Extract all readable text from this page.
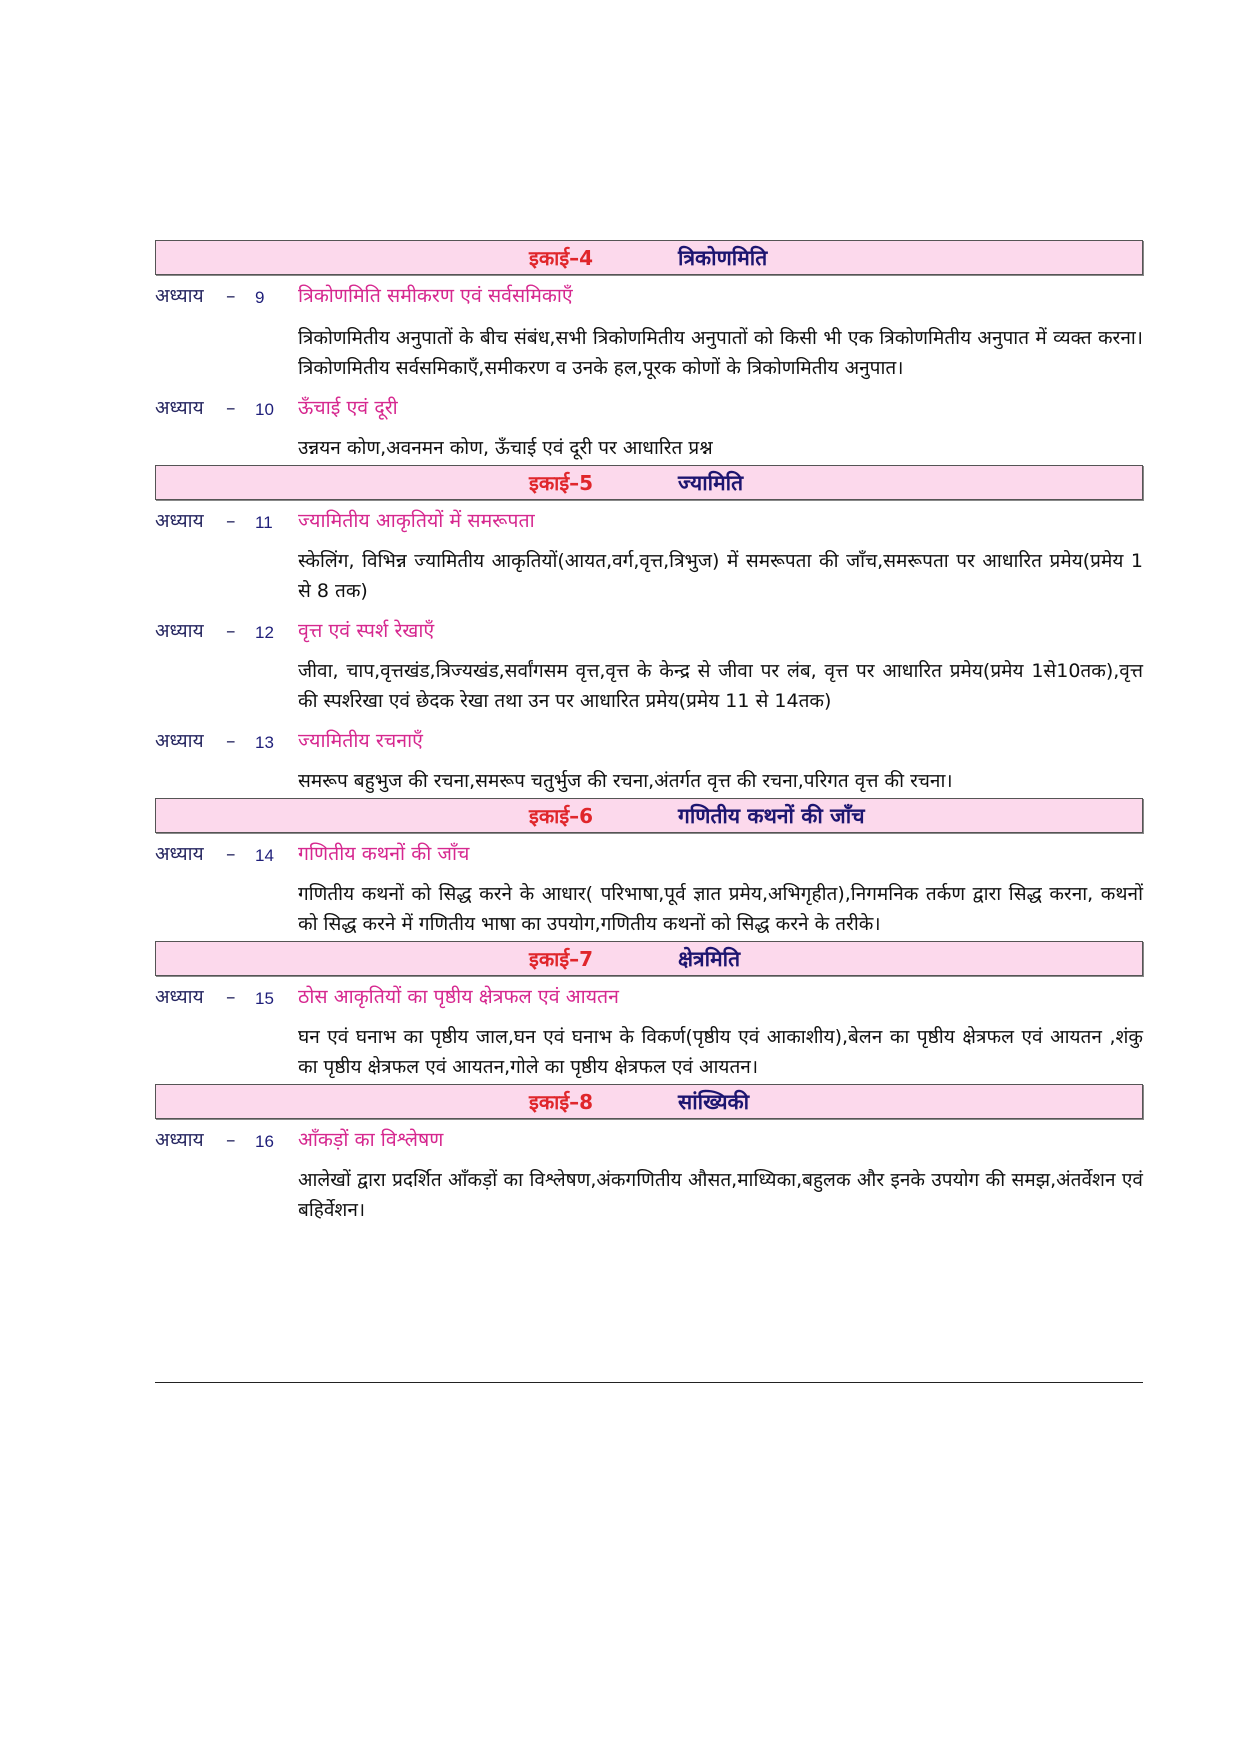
इकाई–4	त्रिकोणमिति
अध्याय – 9 त्रिकोणमिति समीकरण एवं सर्वसमिकाएँ

त्रिकोणमितीय अनुपातों के बीच संबंध,सभी त्रिकोणमितीय अनुपातों को किसी भी एक त्रिकोणमितीय अनुपात में व्यक्त करना। त्रिकोणमितीय सर्वसमिकाएँ,समीकरण व उनके हल,पूरक कोणों के त्रिकोणमितीय अनुपात।

अध्याय – 10 ऊँचाई एवं दूरी

उन्नयन कोण,अवनमन कोण, ऊँचाई एवं दूरी पर आधारित प्रश्न

इकाई–5	ज्यामिति
अध्याय – 11 ज्यामितीय आकृतियों में समरूपता

स्केलिंग, विभिन्न ज्यामितीय आकृतियों(आयत,वर्ग,वृत्त,त्रिभुज) में समरूपता की जाँच,समरूपता पर आधारित प्रमेय(प्रमेय 1 से 8 तक)

अध्याय – 12 वृत्त एवं स्पर्श रेखाएँ

जीवा, चाप,वृत्तखंड,त्रिज्यखंड,सर्वांगसम वृत्त,वृत्त के केन्द्र से जीवा पर लंब, वृत्त पर आधारित प्रमेय(प्रमेय 1से10तक),वृत्त की स्पर्शरेखा एवं छेदक रेखा तथा उन पर आधारित प्रमेय(प्रमेय 11 से 14तक)

अध्याय – 13 ज्यामितीय रचनाएँ

समरूप बहुभुज की रचना,समरूप चतुर्भुज की रचना,अंतर्गत वृत्त की रचना,परिगत वृत्त की रचना।

इकाई–6	गणितीय कथनों की जाँच
अध्याय – 14 गणितीय कथनों की जाँच

गणितीय कथनों को सिद्ध करने के आधार( परिभाषा,पूर्व ज्ञात प्रमेय,अभिगृहीत),निगमनिक तर्कण द्वारा सिद्ध करना, कथनों को सिद्ध करने में गणितीय भाषा का उपयोग,गणितीय कथनों को सिद्ध करने के तरीके।

इकाई–7	क्षेत्रमिति
अध्याय – 15 ठोस आकृतियों का पृष्ठीय क्षेत्रफल एवं आयतन

घन एवं घनाभ का पृष्ठीय जाल,घन एवं घनाभ के विकर्ण(पृष्ठीय एवं आकाशीय),बेलन का पृष्ठीय क्षेत्रफल एवं आयतन ,शंकु का पृष्ठीय क्षेत्रफल एवं आयतन,गोले का पृष्ठीय क्षेत्रफल एवं आयतन।

इकाई–8	सांख्यिकी
अध्याय – 16 आँकड़ों का विश्लेषण

आलेखों द्वारा प्रदर्शित आँकड़ों का विश्लेषण,अंकगणितीय औसत,माध्यिका,बहुलक और इनके उपयोग की समझ,अंतर्वेशन एवं बहिर्वेशन।
